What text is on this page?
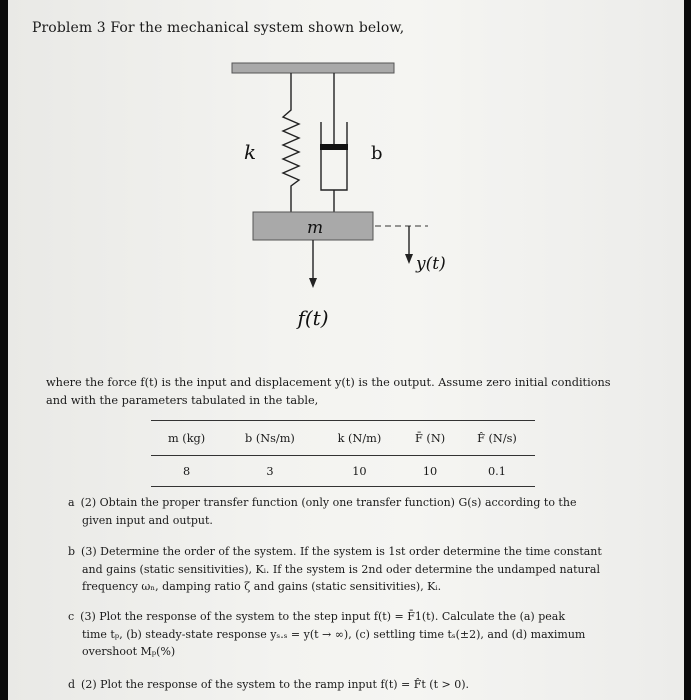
Problem 3 For the mechanical system shown below,
k	b
m
y(t)
f(t)
where the force f(t) is the input and displacement y(t) is the output. Assume zero initial conditions
and with the parameters tabulated in the table,
m (kg)	b (Ns/m)	k (N/m)	F̄ (N)	F̂ (N/s)
8	3	10	10	0.1
a (2) Obtain the proper transfer function (only one transfer function) G(s) according to the
given input and output.
b (3) Determine the order of the system. If the system is 1st order determine the time constant
and gains (static sensitivities), Kᵢ. If the system is 2nd oder determine the undamped natural
frequency ωₙ, damping ratio ζ and gains (static sensitivities), Kᵢ.
c (3) Plot the response of the system to the step input f(t) = F̄1(t). Calculate the (a) peak
time tₚ, (b) steady-state response yₛ.ₛ = y(t → ∞), (c) settling time tₛ(±2), and (d) maximum
overshoot Mₚ(%)
d (2) Plot the response of the system to the ramp input f(t) = F̂t (t > 0).
